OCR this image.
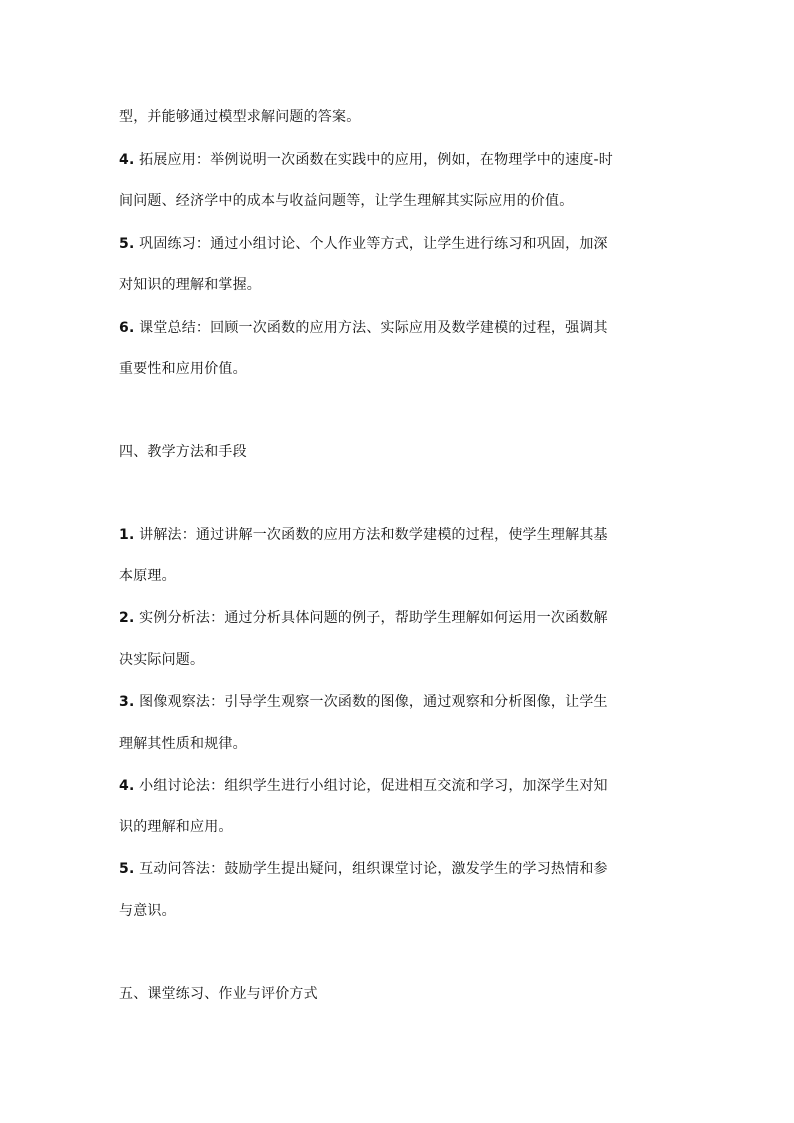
型，并能够通过模型求解问题的答案。
4. 拓展应用：举例说明一次函数在实践中的应用，例如，在物理学中的速度-时
间问题、经济学中的成本与收益问题等，让学生理解其实际应用的价值。
5. 巩固练习：通过小组讨论、个人作业等方式，让学生进行练习和巩固，加深
对知识的理解和掌握。
6. 课堂总结：回顾一次函数的应用方法、实际应用及数学建模的过程，强调其
重要性和应用价值。
四、教学方法和手段
1. 讲解法：通过讲解一次函数的应用方法和数学建模的过程，使学生理解其基
本原理。
2. 实例分析法：通过分析具体问题的例子，帮助学生理解如何运用一次函数解
决实际问题。
3. 图像观察法：引导学生观察一次函数的图像，通过观察和分析图像，让学生
理解其性质和规律。
4. 小组讨论法：组织学生进行小组讨论，促进相互交流和学习，加深学生对知
识的理解和应用。
5. 互动问答法：鼓励学生提出疑问，组织课堂讨论，激发学生的学习热情和参
与意识。
五、课堂练习、作业与评价方式
